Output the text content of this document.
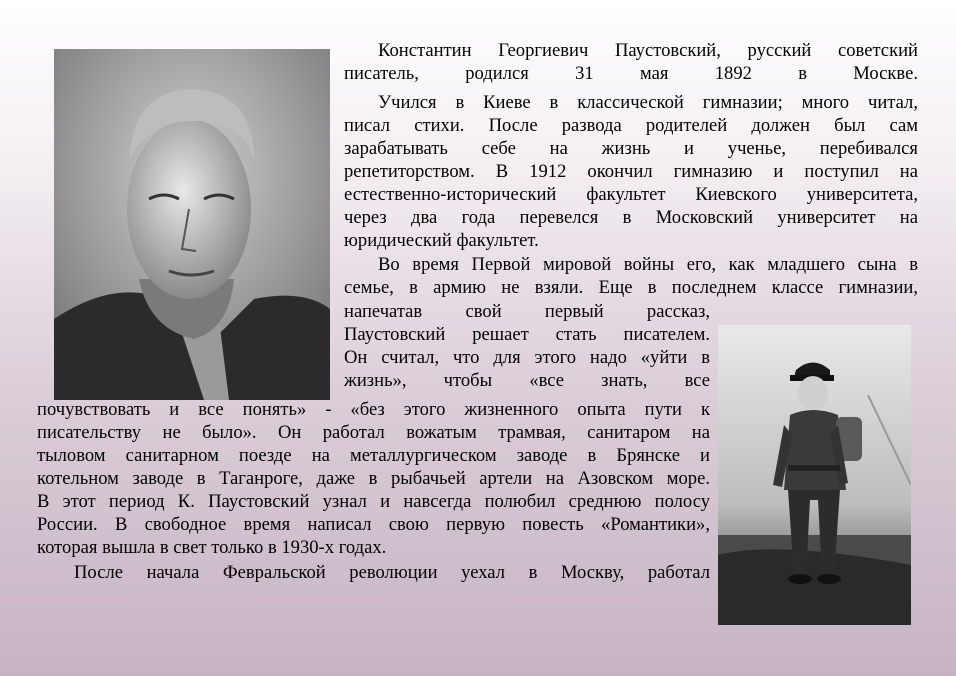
Константин Георгиевич Паустовский, русский советский
писатель, родился 31 мая 1892 в Москве.
Учился в Киеве в классической гимназии; много читал,
писал стихи. После развода родителей должен был сам
зарабатывать себе на жизнь и ученье, перебивался
репетиторством. В 1912 окончил гимназию и поступил на
естественно-исторический факультет Киевского университета,
через два года перевелся в Московский университет на
юридический факультет.
Во время Первой мировой войны его, как младшего сына в
семье, в армию не взяли. Еще в последнем классе гимназии,
напечатав свой первый рассказ,
Паустовский решает стать писателем.
Он считал, что для этого надо «уйти в
жизнь», чтобы «все знать, все
почувствовать и все понять» - «без этого жизненного опыта пути к
писательству не было». Он работал вожатым трамвая, санитаром на
тыловом санитарном поезде на металлургическом заводе в Брянске и
котельном заводе в Таганроге, даже в рыбачьей артели на Азовском море.
В этот период К. Паустовский узнал и навсегда полюбил среднюю полосу
России. В свободное время написал свою первую повесть «Романтики»,
которая вышла в свет только в 1930-х годах.
После начала Февральской революции уехал в Москву, работал
